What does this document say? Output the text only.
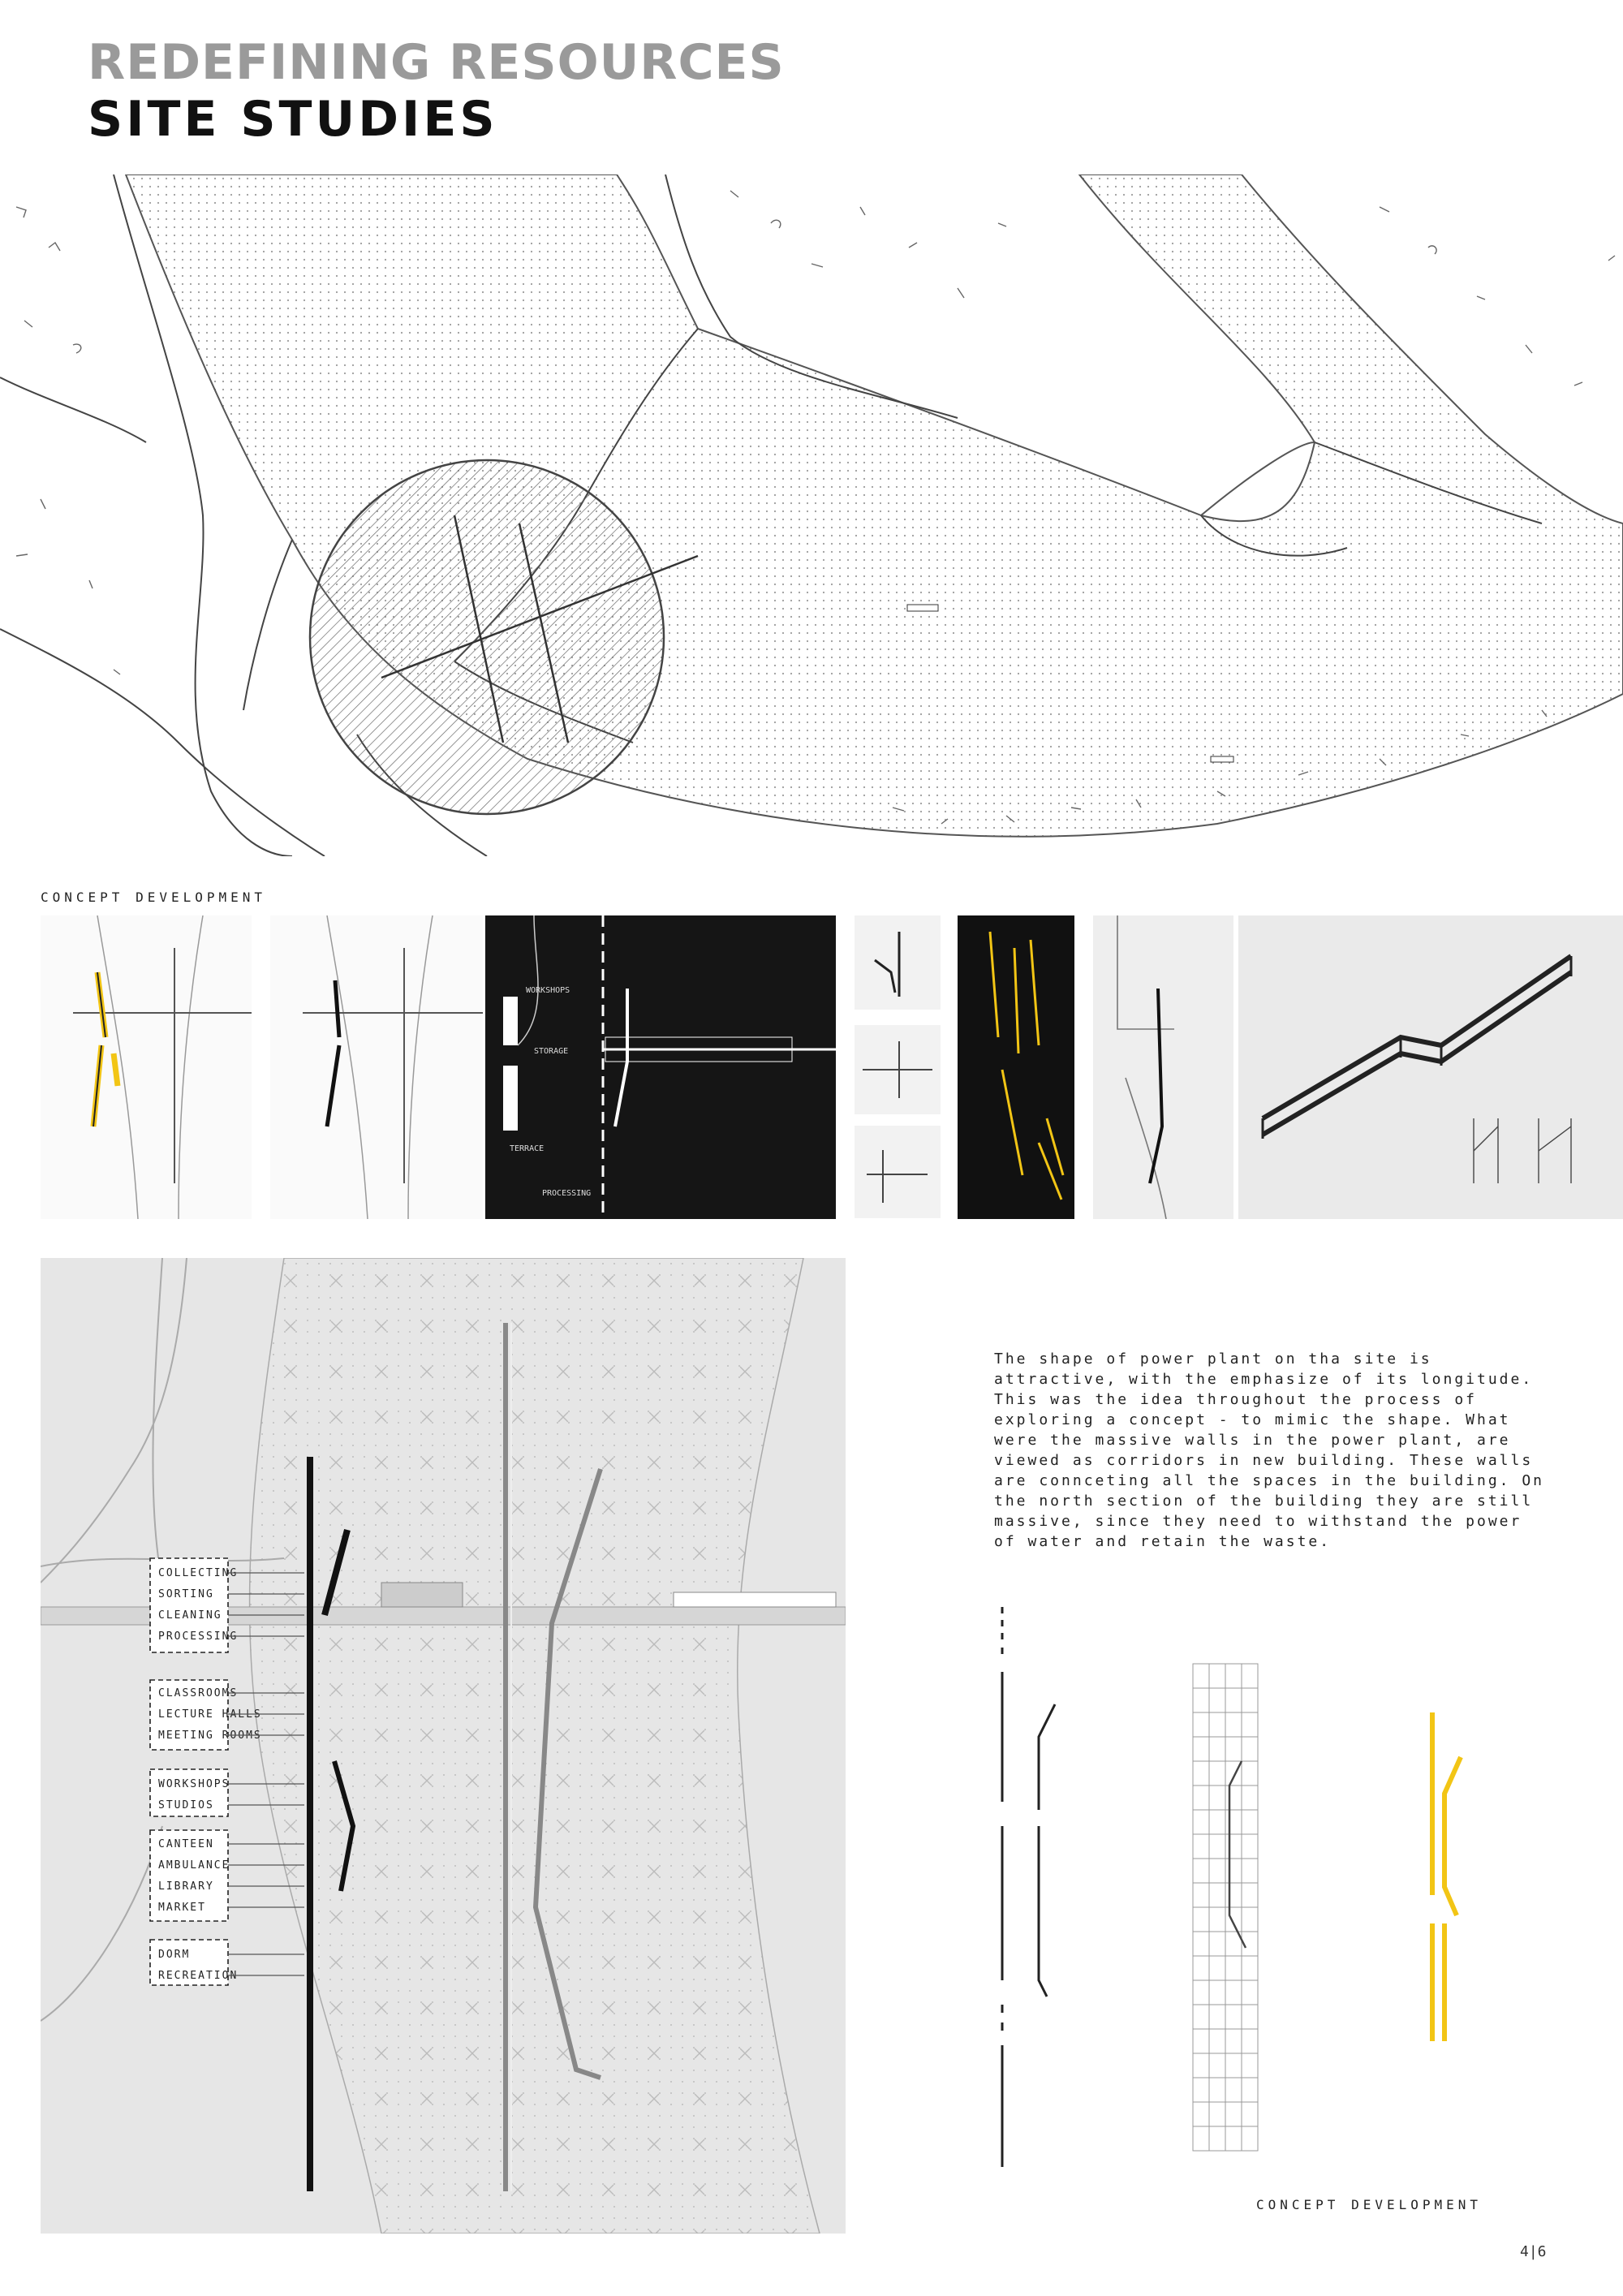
REDEFINING RESOURCES
SITE STUDIES
CONCEPT DEVELOPMENT
WORKSHOPS
STORAGE
TERRACE
PROCESSING
COLLECTING
SORTING
CLEANING
PROCESSING
CLASSROOMS
LECTURE HALLS
MEETING ROOMS
WORKSHOPS
STUDIOS
CANTEEN
AMBULANCE
LIBRARY
MARKET
DORM
RECREATION

The shape of power plant on tha site is attractive, with the emphasize of its longitude. This was the idea throughout the process of exploring a concept - to mimic the shape. What were the massive walls in the power plant, are viewed as corridors in new building. These walls are connceting all the spaces in the building. On the north section of the building they are still massive, since they need to withstand the power of water and retain the waste.

CONCEPT DEVELOPMENT
4|6
